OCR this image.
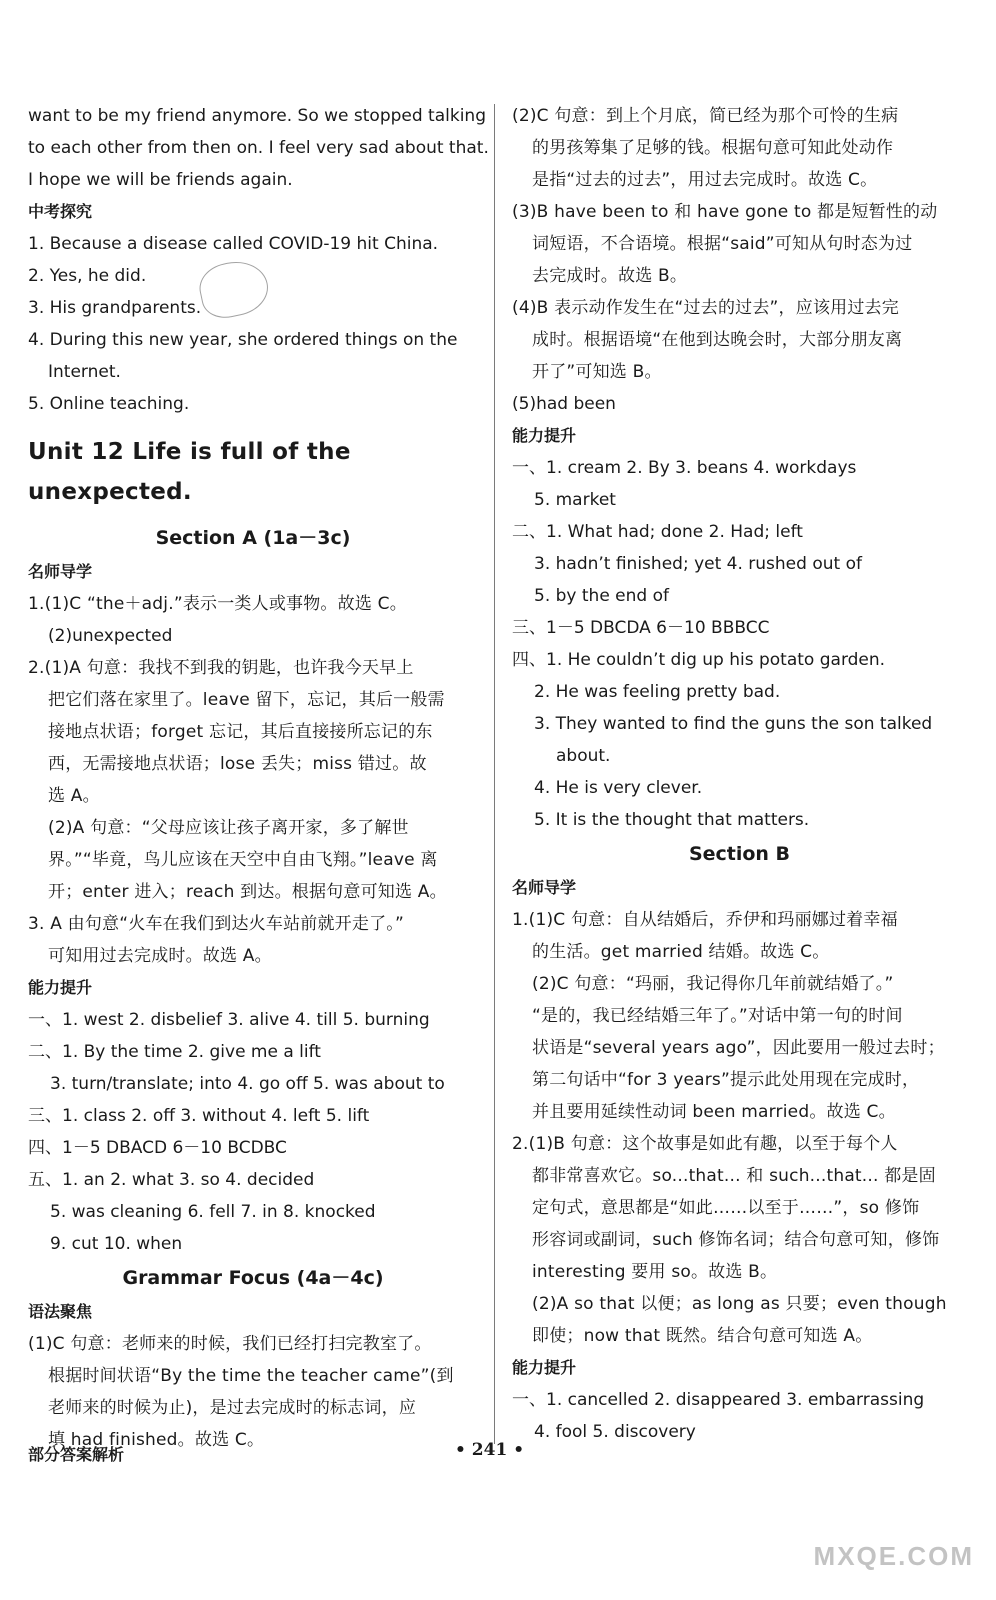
want to be my friend anymore. So we stopped talking
to each other from then on. I feel very sad about that.
I hope we will be friends again.
中考探究
1. Because a disease called COVID-19 hit China.
2. Yes, he did.
3. His grandparents.
4. During this new year, she ordered things on the
Internet.
5. Online teaching.
Unit 12 Life is full of the unexpected.
Section A (1a－3c)
名师导学
1.(1)C “the＋adj.”表示一类人或事物。故选 C。
(2)unexpected
2.(1)A 句意：我找不到我的钥匙，也许我今天早上
把它们落在家里了。leave 留下，忘记，其后一般需
接地点状语；forget 忘记，其后直接接所忘记的东
西，无需接地点状语；lose 丢失；miss 错过。故
选 A。
(2)A 句意：“父母应该让孩子离开家，多了解世
界。”“毕竟，鸟儿应该在天空中自由飞翔。”leave 离
开；enter 进入；reach 到达。根据句意可知选 A。
3. A 由句意“火车在我们到达火车站前就开走了。”
可知用过去完成时。故选 A。
能力提升
一、1. west 2. disbelief 3. alive 4. till 5. burning
二、1. By the time 2. give me a lift
3. turn/translate; into 4. go off 5. was about to
三、1. class 2. off 3. without 4. left 5. lift
四、1－5 DBACD 6－10 BCDBC
五、1. an 2. what 3. so 4. decided
5. was cleaning 6. fell 7. in 8. knocked
9. cut 10. when
Grammar Focus (4a－4c)
语法聚焦
(1)C 句意：老师来的时候，我们已经打扫完教室了。
根据时间状语“By the time the teacher came”(到
老师来的时候为止)，是过去完成时的标志词，应
填 had finished。故选 C。
(2)C 句意：到上个月底，简已经为那个可怜的生病
的男孩筹集了足够的钱。根据句意可知此处动作
是指“过去的过去”，用过去完成时。故选 C。
(3)B have been to 和 have gone to 都是短暂性的动
词短语，不合语境。根据“said”可知从句时态为过
去完成时。故选 B。
(4)B 表示动作发生在“过去的过去”，应该用过去完
成时。根据语境“在他到达晚会时，大部分朋友离
开了”可知选 B。
(5)had been
能力提升
一、1. cream 2. By 3. beans 4. workdays
5. market
二、1. What had; done 2. Had; left
3. hadn’t finished; yet 4. rushed out of
5. by the end of
三、1－5 DBCDA 6－10 BBBCC
四、1. He couldn’t dig up his potato garden.
2. He was feeling pretty bad.
3. They wanted to find the guns the son talked
about.
4. He is very clever.
5. It is the thought that matters.
Section B
名师导学
1.(1)C 句意：自从结婚后，乔伊和玛丽娜过着幸福
的生活。get married 结婚。故选 C。
(2)C 句意：“玛丽，我记得你几年前就结婚了。”
“是的，我已经结婚三年了。”对话中第一句的时间
状语是“several years ago”，因此要用一般过去时；
第二句话中“for 3 years”提示此处用现在完成时，
并且要用延续性动词 been married。故选 C。
2.(1)B 句意：这个故事是如此有趣，以至于每个人
都非常喜欢它。so...that... 和 such...that... 都是固
定句式，意思都是“如此……以至于……”，so 修饰
形容词或副词，such 修饰名词；结合句意可知，修饰
interesting 要用 so。故选 B。
(2)A so that 以便；as long as 只要；even though
即使；now that 既然。结合句意可知选 A。
能力提升
一、1. cancelled 2. disappeared 3. embarrassing
4. fool 5. discovery
部分答案解析	• 241 •
MXQE.COM
